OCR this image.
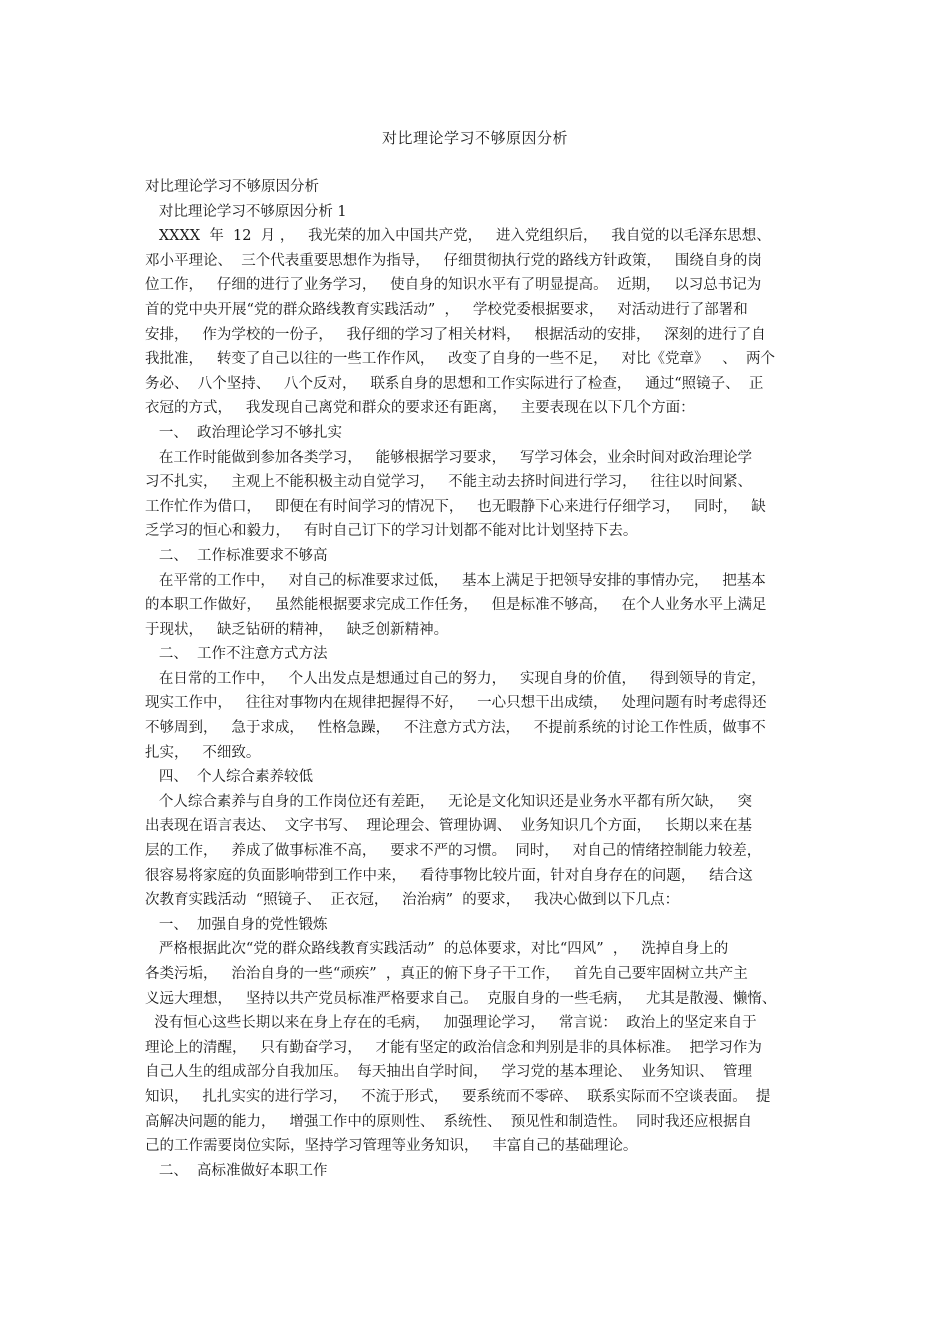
对比理论学习不够原因分析
对比理论学习不够原因分析
对比理论学习不够原因分析 1
XXXX  年  12  月 ，   我光荣的加入中国共产党，   进入党组织后，   我自觉的以毛泽东思想、
邓小平理论、  三个代表重要思想作为指导，   仔细贯彻执行党的路线方针政策，   围绕自身的岗
位工作，   仔细的进行了业务学习，   使自身的知识水平有了明显提高。  近期，   以习总书记为
首的党中央开展“党的群众路线教育实践活动”  ，   学校党委根据要求，   对活动进行了部署和
安排，   作为学校的一份子，   我仔细的学习了相关材料，   根据活动的安排，   深刻的进行了自
我批准，   转变了自己以往的一些工作作风，   改变了自身的一些不足，   对比《党章》   、  两个
务必、  八个坚持、   八个反对，   联系自身的思想和工作实际进行了检查，   通过“照镜子、  正
衣冠的方式，   我发现自己离党和群众的要求还有距离，   主要表现在以下几个方面：
一、  政治理论学习不够扎实
在工作时能做到参加各类学习，   能够根据学习要求，   写学习体会，业余时间对政治理论学
习不扎实，   主观上不能积极主动自觉学习，   不能主动去挤时间进行学习，   往往以时间紧、
工作忙作为借口，   即便在有时间学习的情况下，   也无暇静下心来进行仔细学习，   同时，   缺
乏学习的恒心和毅力，   有时自己订下的学习计划都不能对比计划坚持下去。
二、  工作标准要求不够高
在平常的工作中，   对自己的标准要求过低，   基本上满足于把领导安排的事情办完，   把基本
的本职工作做好，   虽然能根据要求完成工作任务，   但是标准不够高，   在个人业务水平上满足
于现状，   缺乏钻研的精神，   缺乏创新精神。
二、  工作不注意方式方法
在日常的工作中，   个人出发点是想通过自己的努力，   实现自身的价值，   得到领导的肯定，
现实工作中，   往往对事物内在规律把握得不好，   一心只想干出成绩，   处理问题有时考虑得还
不够周到，   急于求成，   性格急躁，   不注意方式方法，   不提前系统的讨论工作性质，做事不
扎实，   不细致。
四、  个人综合素养较低
个人综合素养与自身的工作岗位还有差距，   无论是文化知识还是业务水平都有所欠缺，   突
出表现在语言表达、  文字书写、  理论理会、管理协调、  业务知识几个方面，   长期以来在基
层的工作，   养成了做事标准不高，   要求不严的习惯。  同时，   对自己的情绪控制能力较差，
很容易将家庭的负面影响带到工作中来，   看待事物比较片面，针对自身存在的问题，   结合这
次教育实践活动  “照镜子、  正衣冠，   治治病”  的要求，   我决心做到以下几点：
一、  加强自身的党性锻炼
严格根据此次“党的群众路线教育实践活动”  的总体要求，对比“四风”  ，   洗掉自身上的
各类污垢，   治治自身的一些“顽疾”  ，真正的俯下身子干工作，   首先自己要牢固树立共产主
义远大理想，   坚持以共产党员标准严格要求自己。  克服自身的一些毛病，   尤其是散漫、懒惰、
没有恒心这些长期以来在身上存在的毛病，   加强理论学习，   常言说：  政治上的坚定来自于
理论上的清醒，   只有勤奋学习，   才能有坚定的政治信念和判别是非的具体标准。  把学习作为
自己人生的组成部分自我加压。  每天抽出自学时间，   学习党的基本理论、  业务知识、  管理
知识，   扎扎实实的进行学习，   不流于形式，   要系统而不零碎、  联系实际而不空谈表面。  提
高解决问题的能力，   增强工作中的原则性、  系统性、  预见性和制造性。  同时我还应根据自
己的工作需要岗位实际，坚持学习管理等业务知识，   丰富自己的基础理论。
二、  高标准做好本职工作
